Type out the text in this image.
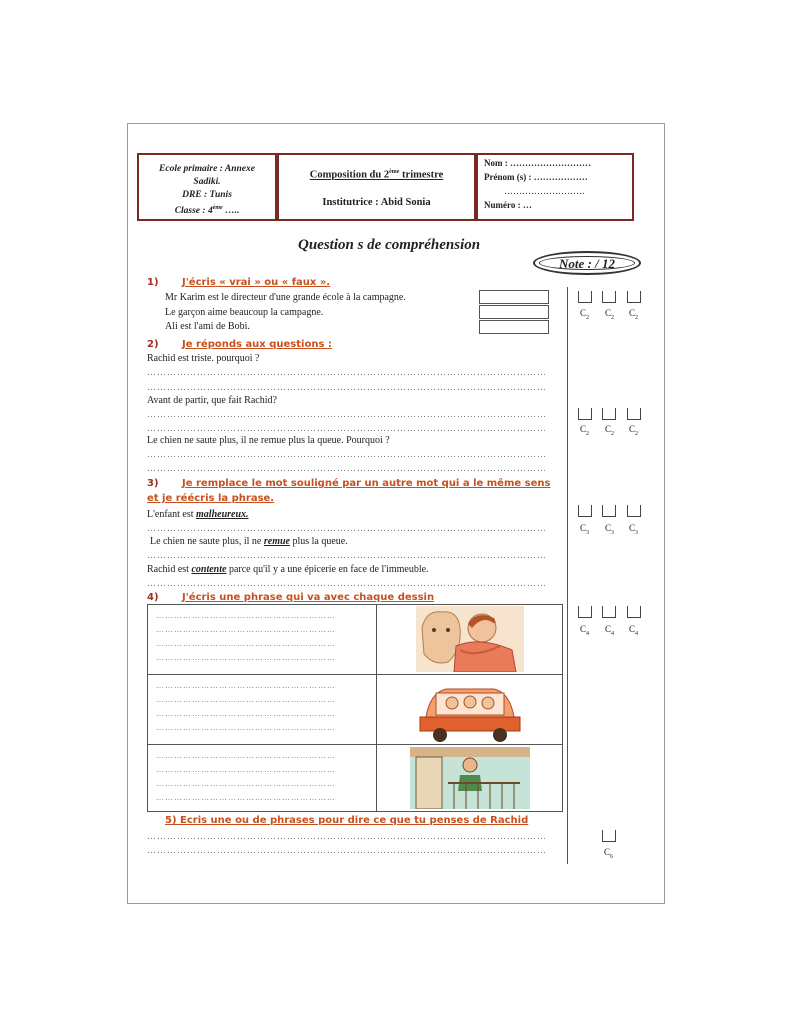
Ecole primaire : Annexe
Sadiki.
DRE : Tunis
Classe : 4ème …..
Composition du 2ème trimestre
Institutrice : Abid Sonia
Nom : ………………………
Prénom (s) : ………………
………………………
Numéro : …
Question s de compréhension
Note : / 12
1) J'écris « vrai » ou « faux ».
Mr Karim est le directeur d'une grande école à la campagne.
Le garçon aime beaucoup la campagne.
Ali est l'ami de Bobi.
$C_2$ $C_2$ $C_2$
2) Je réponds aux questions :
Rachid est triste. pourquoi ?
…………………………………………………………………………………………………………
…………………………………………………………………………………………………………
Avant de partir, que fait Rachid?
…………………………………………………………………………………………………………
…………………………………………………………………………………………………………
Le chien ne saute plus, il ne remue plus la queue. Pourquoi ?
…………………………………………………………………………………………………………
…………………………………………………………………………………………………………
$C_2$ $C_2$ $C_2$
3) Je remplace le mot souligné par un autre mot qui a le même sens
et je réécris la phrase.
L'enfant est malheureux.
…………………………………………………………………………………………………………
Le chien ne saute plus, il ne remue plus la queue.
…………………………………………………………………………………………………………
Rachid est contente parce qu'il y a une épicerie en face de l'immeuble.
…………………………………………………………………………………………………………
$C_3$ $C_3$ $C_3$
4) J'écris une phrase qui va avec chaque dessin
……………………………………………………
……………………………………………………
……………………………………………………
……………………………………………………
……………………………………………………
……………………………………………………
……………………………………………………
……………………………………………………
……………………………………………………
……………………………………………………
……………………………………………………
……………………………………………………
$C_4$ $C_4$ $C_4$
5) Ecris une ou de phrases pour dire ce que tu penses de Rachid
…………………………………………………………………………………………………………
…………………………………………………………………………………………………………	$C_6$
